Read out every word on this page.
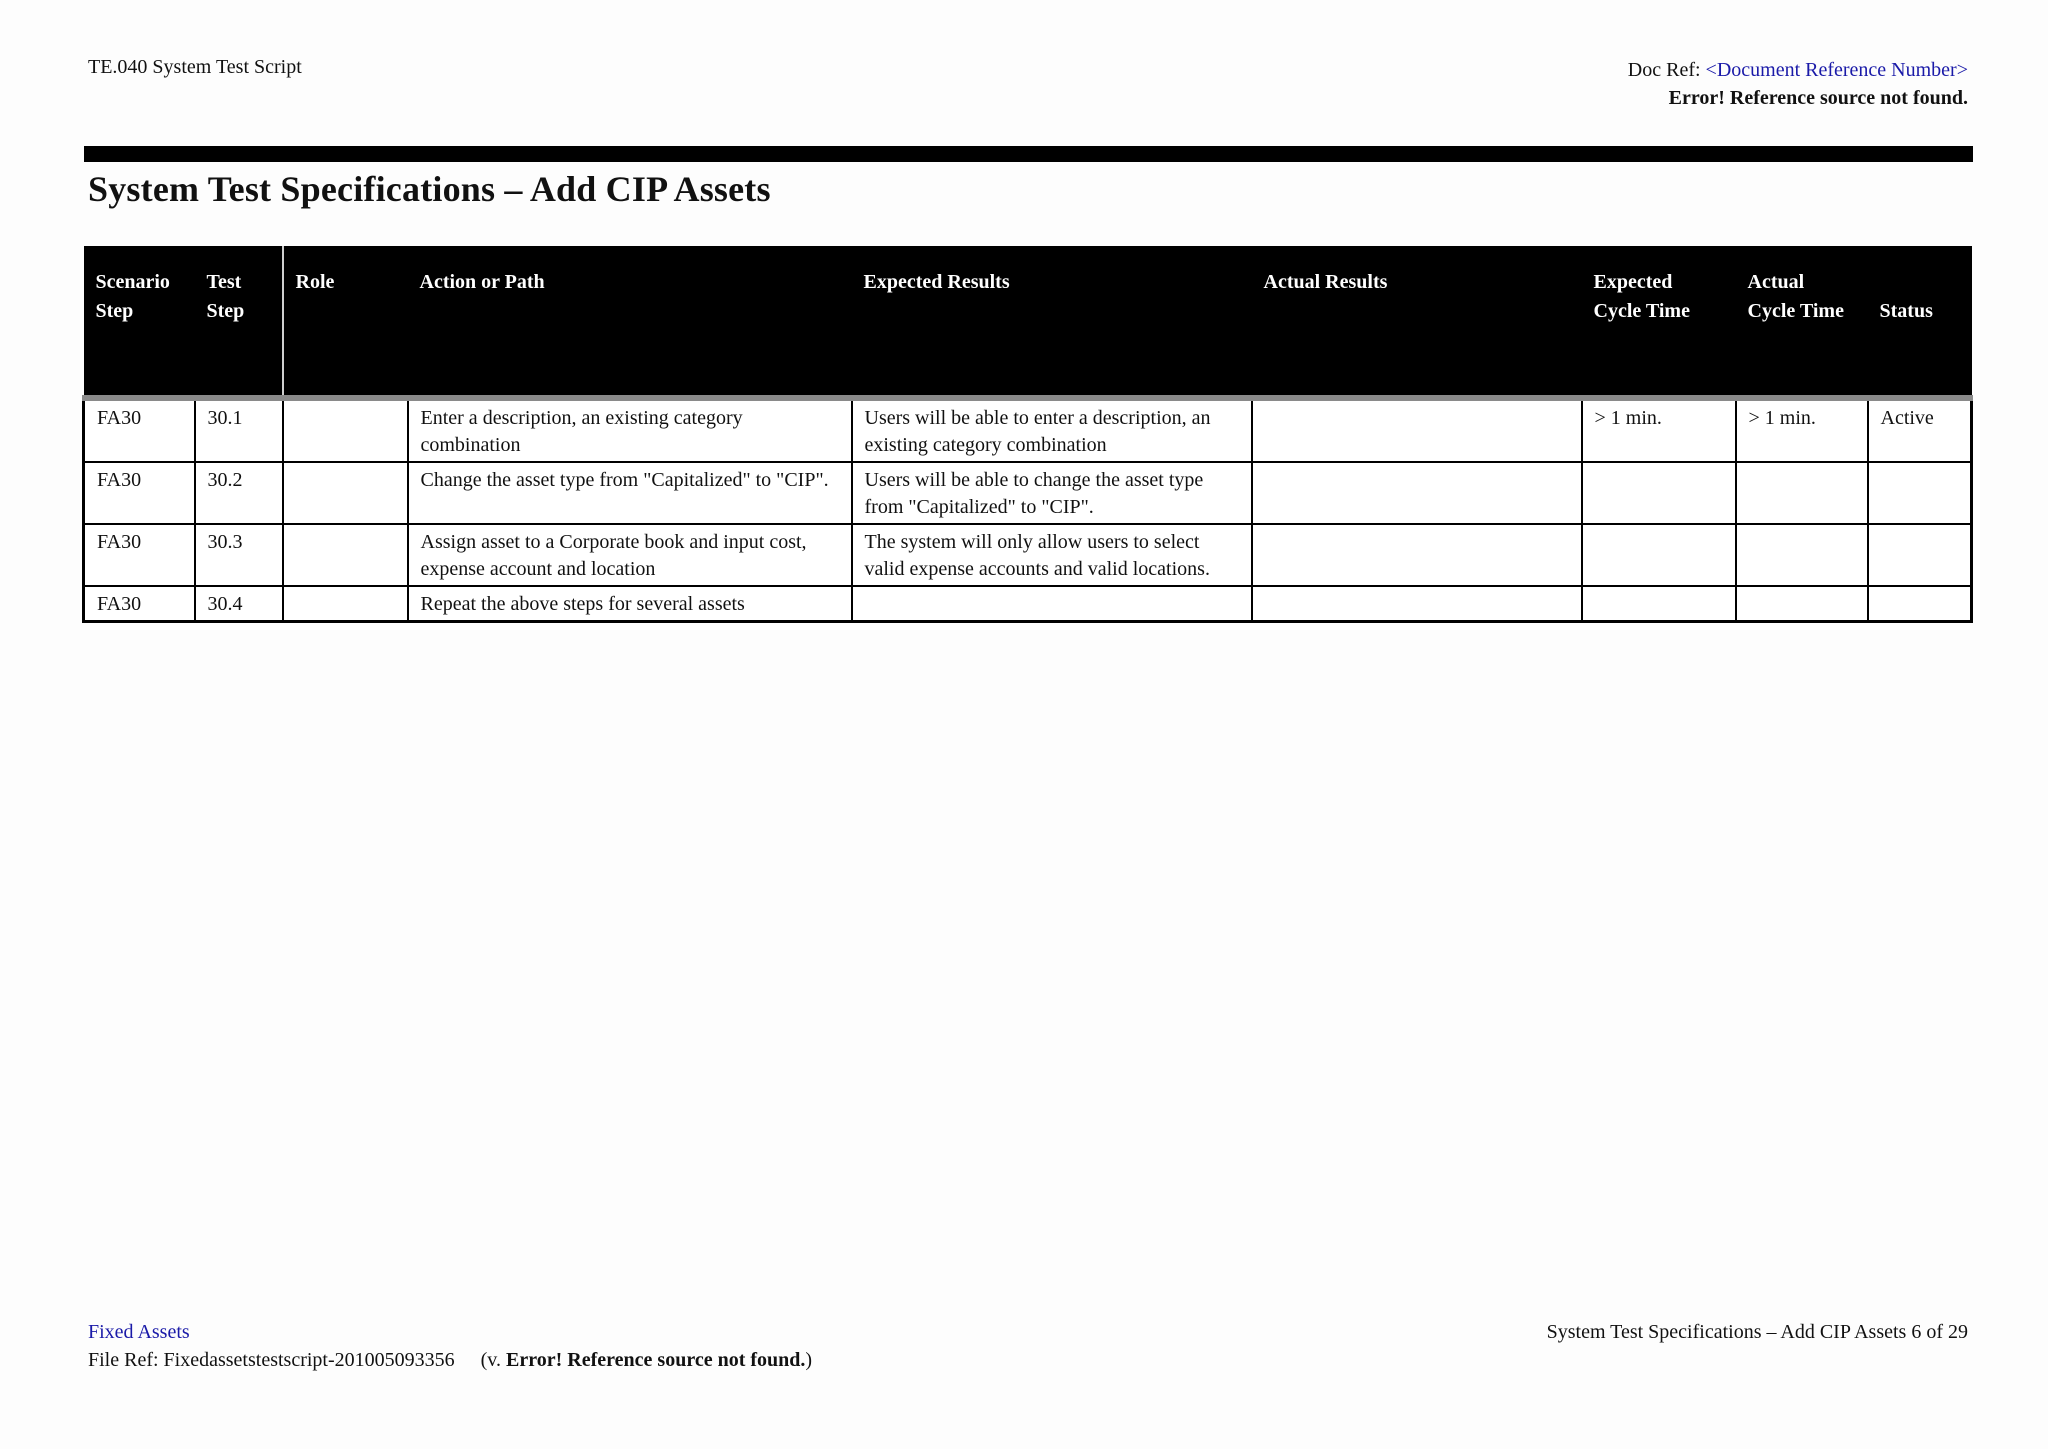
TE.040 System Test Script	Doc Ref: <Document Reference Number>
Error! Reference source not found.
System Test Specifications – Add CIP Assets
Scenario Step	Test Step	Role	Action or Path	Expected Results	Actual Results	Expected Cycle Time	Actual Cycle Time	Status
FA30	30.1		Enter a description, an existing category combination	Users will be able to enter a description, an existing category combination		> 1 min.	> 1 min.	Active
FA30	30.2		Change the asset type from "Capitalized" to "CIP".	Users will be able to change the asset type from "Capitalized" to "CIP".				
FA30	30.3		Assign asset to a Corporate book and input cost, expense account and location	The system will only allow users to select valid expense accounts and valid locations.				
FA30	30.4		Repeat the above steps for several assets					
Fixed Assets
File Ref: Fixedassetstestscript-201005093356 (v. Error! Reference source not found.)
System Test Specifications – Add CIP Assets 6 of 29
